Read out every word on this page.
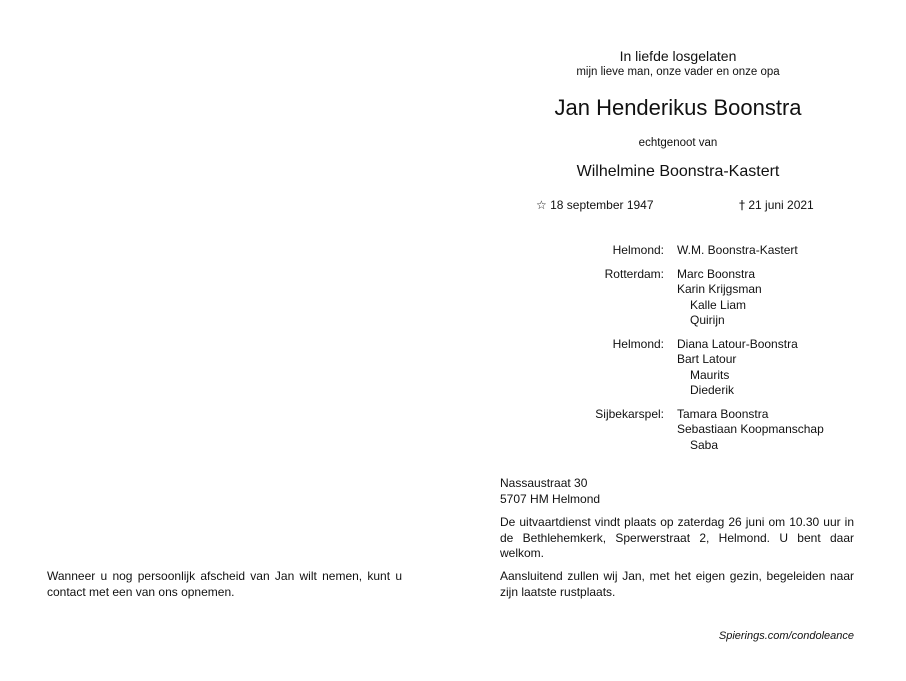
In liefde losgelaten
mijn lieve man, onze vader en onze opa
Jan Henderikus Boonstra
echtgenoot van
Wilhelmine Boonstra-Kastert
☆ 18 september 1947	† 21 juni 2021
Helmond:	W.M. Boonstra-Kastert
Rotterdam:	Marc Boonstra
Karin Krijgsman
Kalle Liam
Quirijn
Helmond:	Diana Latour-Boonstra
Bart Latour
Maurits
Diederik
Sijbekarspel:	Tamara Boonstra
Sebastiaan Koopmanschap
Saba
Nassaustraat 30
5707 HM Helmond
De uitvaartdienst vindt plaats op zaterdag 26 juni om 10.30 uur in de Bethlehemkerk, Sperwerstraat 2, Helmond. U bent daar welkom.
Aansluitend zullen wij Jan, met het eigen gezin, begeleiden naar zijn laatste rustplaats.
Wanneer u nog persoonlijk afscheid van Jan wilt nemen, kunt u contact met een van ons opnemen.
Spierings.com/condoleance
